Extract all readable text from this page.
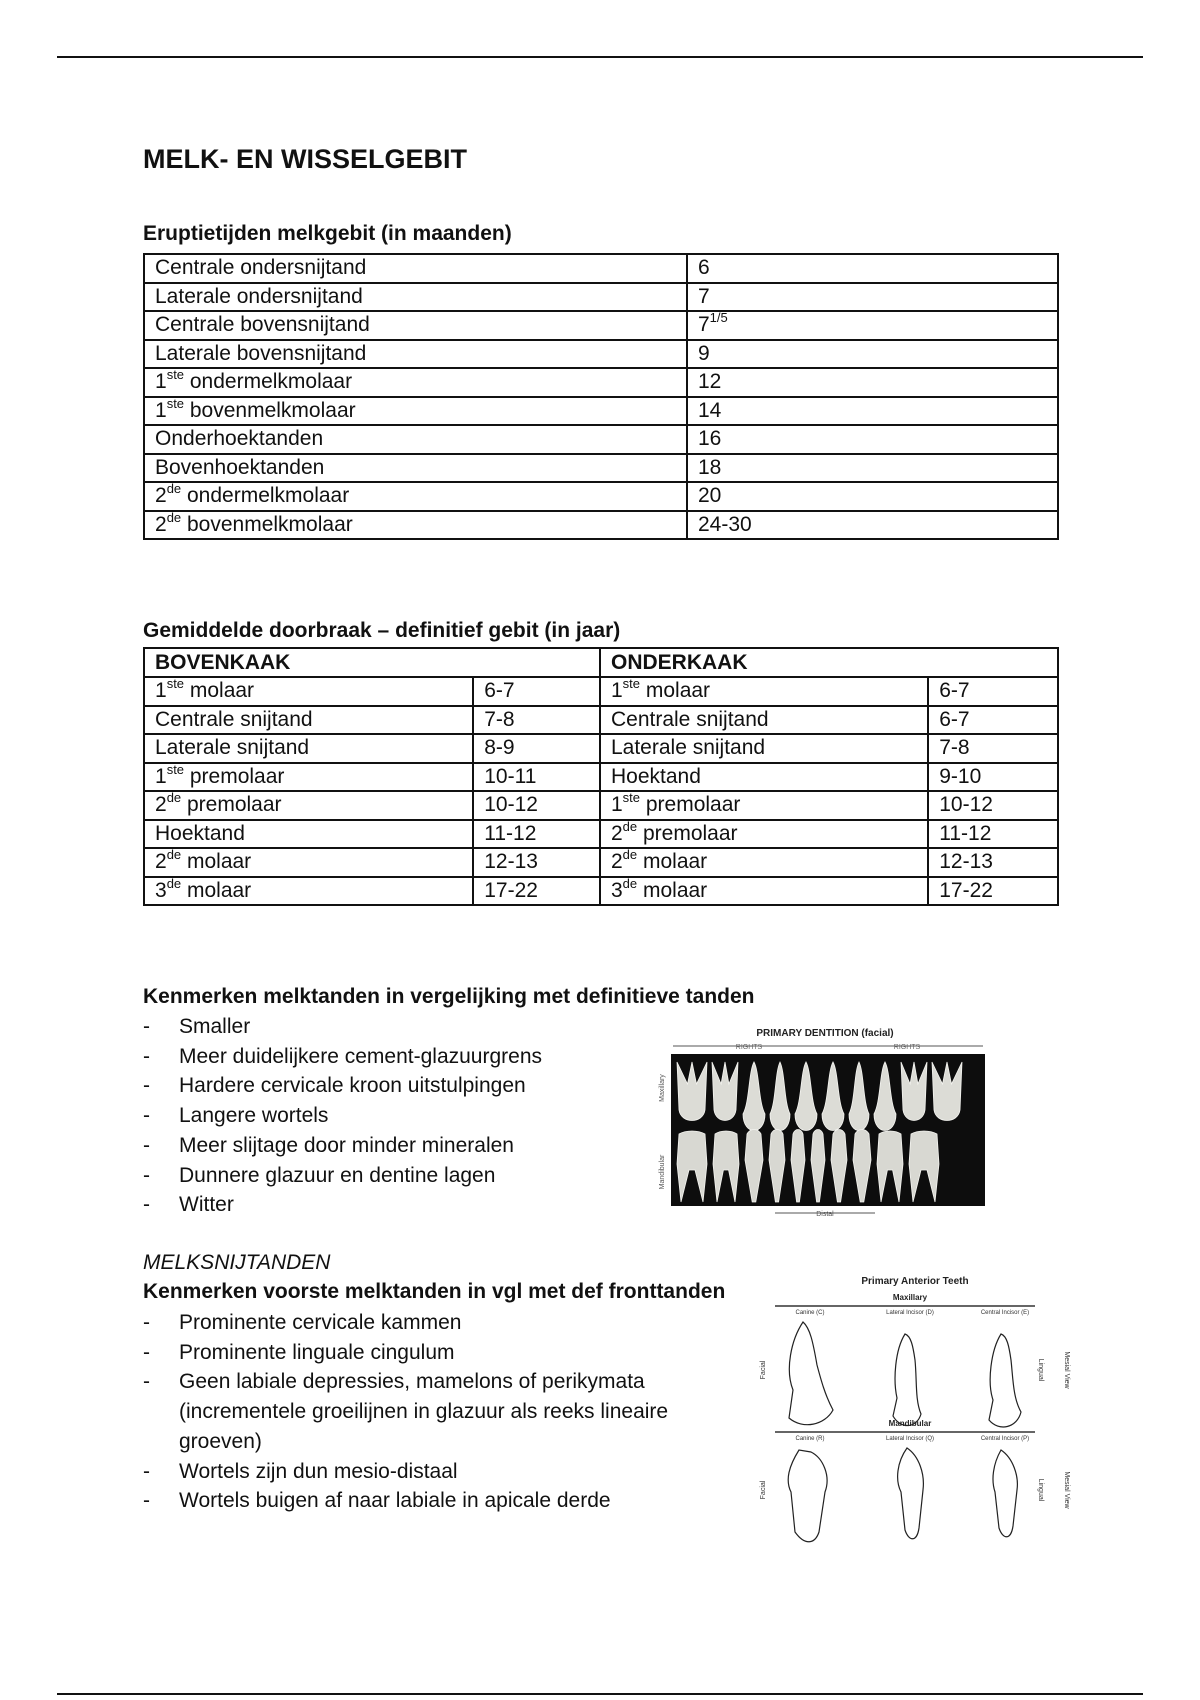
MELK- EN WISSELGEBIT
Eruptietijden melkgebit (in maanden)
Centrale ondersnijtand	6
Laterale ondersnijtand	7
Centrale bovensnijtand	$7^{1/5}$
Laterale bovensnijtand	9
1ste ondermelkmolaar	12
1ste bovenmelkmolaar	14
Onderhoektanden	16
Bovenhoektanden	18
2de ondermelkmolaar	20
2de bovenmelkmolaar	24-30
Gemiddelde doorbraak – definitief gebit (in jaar)
BOVENKAAK		ONDERKAAK	
1ste molaar	6-7	1ste molaar	6-7
Centrale snijtand	7-8	Centrale snijtand	6-7
Laterale snijtand	8-9	Laterale snijtand	7-8
1ste premolaar	10-11	Hoektand	9-10
2de premolaar	10-12	1ste premolaar	10-12
Hoektand	11-12	2de premolaar	11-12
2de molaar	12-13	2de molaar	12-13
3de molaar	17-22	3de molaar	17-22
Kenmerken melktanden in vergelijking met definitieve tanden
- Smaller
- Meer duidelijkere cement-glazuurgrens
- Hardere cervicale kroon uitstulpingen
- Langere wortels
- Meer slijtage door minder mineralen
- Dunnere glazuur en dentine lagen
- Witter
MELKSNIJTANDEN
Kenmerken voorste melktanden in vgl met def fronttanden
- Prominente cervicale kammen
- Prominente linguale cingulum
- Geen labiale depressies, mamelons of perikymata (incrementele groeilijnen in glazuur als reeks lineaire groeven)
- Wortels zijn dun mesio-distaal
- Wortels buigen af naar labiale in apicale derde
PRIMARY DENTITION (facial)
RIGHTS	RIGHTS
Maxillary
Mandibular
Distal
Primary Anterior Teeth
Maxillary
Canine (C)	Lateral Incisor (D)	Central Incisor (E)
Facial	Lingual	Mesial View
Mandibular
Canine (R)	Lateral Incisor (Q)	Central Incisor (P)
Facial	Lingual	Mesial View
